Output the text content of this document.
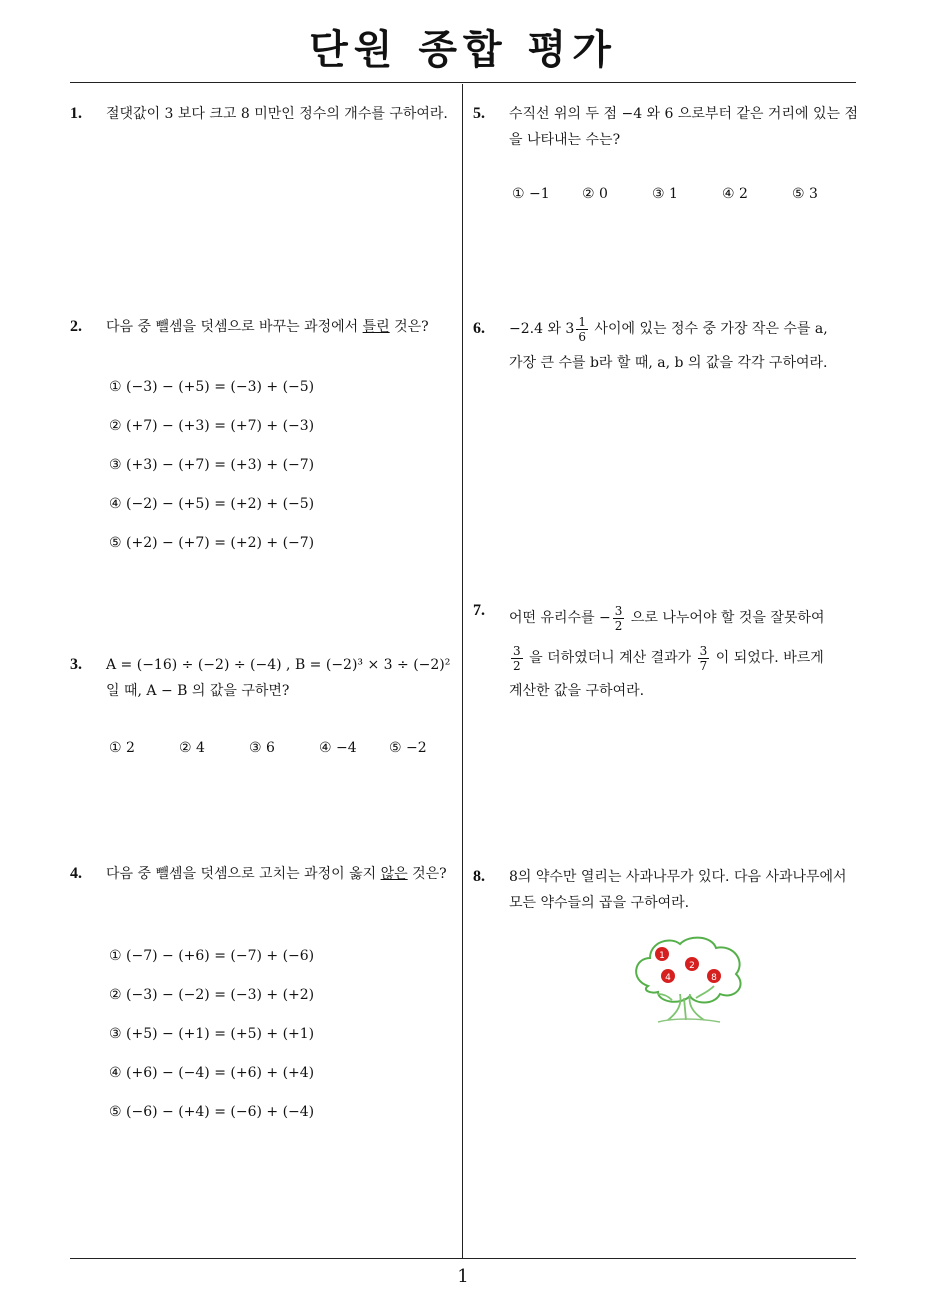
단원 종합 평가
1. 절댓값이 3 보다 크고 8 미만인 정수의 개수를 구하여라.
2. 다음 중 뺄셈을 덧셈으로 바꾸는 과정에서 틀린 것은?
① (−3) − (+5) = (−3) + (−5)
② (+7) − (+3) = (+7) + (−3)
③ (+3) − (+7) = (+3) + (−7)
④ (−2) − (+5) = (+2) + (−5)
⑤ (+2) − (+7) = (+2) + (−7)
3. A = (−16) ÷ (−2) ÷ (−4) , B = (−2)³ × 3 ÷ (−2)²
일 때, A − B 의 값을 구하면?
① 2	② 4	③ 6	④ −4 ⑤ −2
4. 다음 중 뺄셈을 덧셈으로 고치는 과정이 옳지 않은 것은?
① (−7) − (+6) = (−7) + (−6)
② (−3) − (−2) = (−3) + (+2)
③ (+5) − (+1) = (+5) + (+1)
④ (+6) − (−4) = (+6) + (+4)
⑤ (−6) − (+4) = (−6) + (−4)
5. 수직선 위의 두 점 −4 와 6 으로부터 같은 거리에 있는 점을 나타내는 수는?
① −1 ② 0	③ 1	④ 2	⑤ 3
6. −2.4 와 $3 \frac{1}{6}$ 사이에 있는 정수 중 가장 작은 수를 a,
가장 큰 수를 b라 할 때, a, b 의 값을 각각 구하여라.
7. 어떤 유리수를 − $\frac{3}{2}$ 으로 나누어야 할 것을 잘못하여
$\frac{3}{2}$ 을 더하였더니 계산 결과가 $\frac{3}{7}$ 이 되었다. 바르게
계산한 값을 구하여라.
8. 8의 약수만 열리는 사과나무가 있다. 다음 사과나무에서 모든 약수들의 곱을 구하여라.
1
2
4	8
1
